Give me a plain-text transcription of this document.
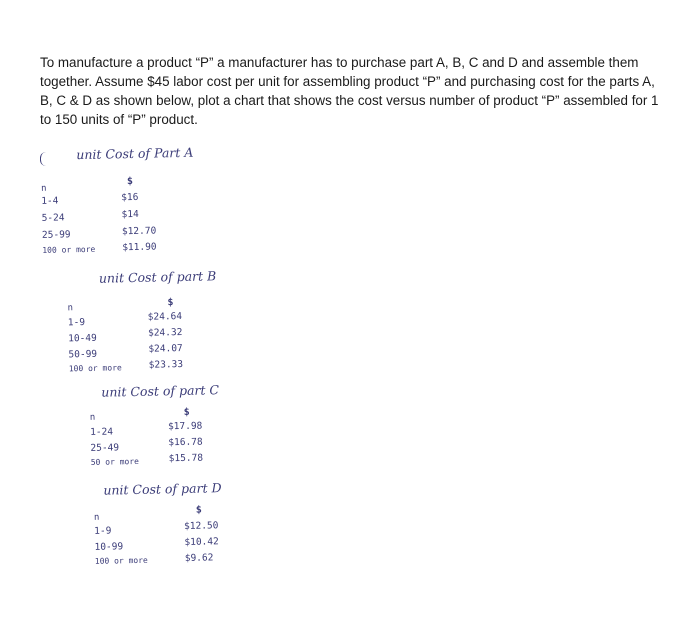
To manufacture a product “P” a manufacturer has to purchase part A, B, C and D and assemble them
together. Assume $45 labor cost per unit for assembling product “P” and purchasing cost for the parts A,
B, C & D as shown below, plot a chart that shows the cost versus number of product “P” assembled for 1
to 150 units of “P” product.
unit Cost of Part A
n
$
1-4	$16
5-24	$14
25-99	$12.70
100 or more	$11.90
unit Cost of part B
n
$
1-9	$24.64
10-49	$24.32
50-99	$24.07
100 or more	$23.33
unit Cost of part C
n	$
1-24	$17.98
25-49	$16.78
50 or more	$15.78
unit Cost of part D
n
$
1-9	$12.50
10-99	$10.42
100 or more	$9.62
